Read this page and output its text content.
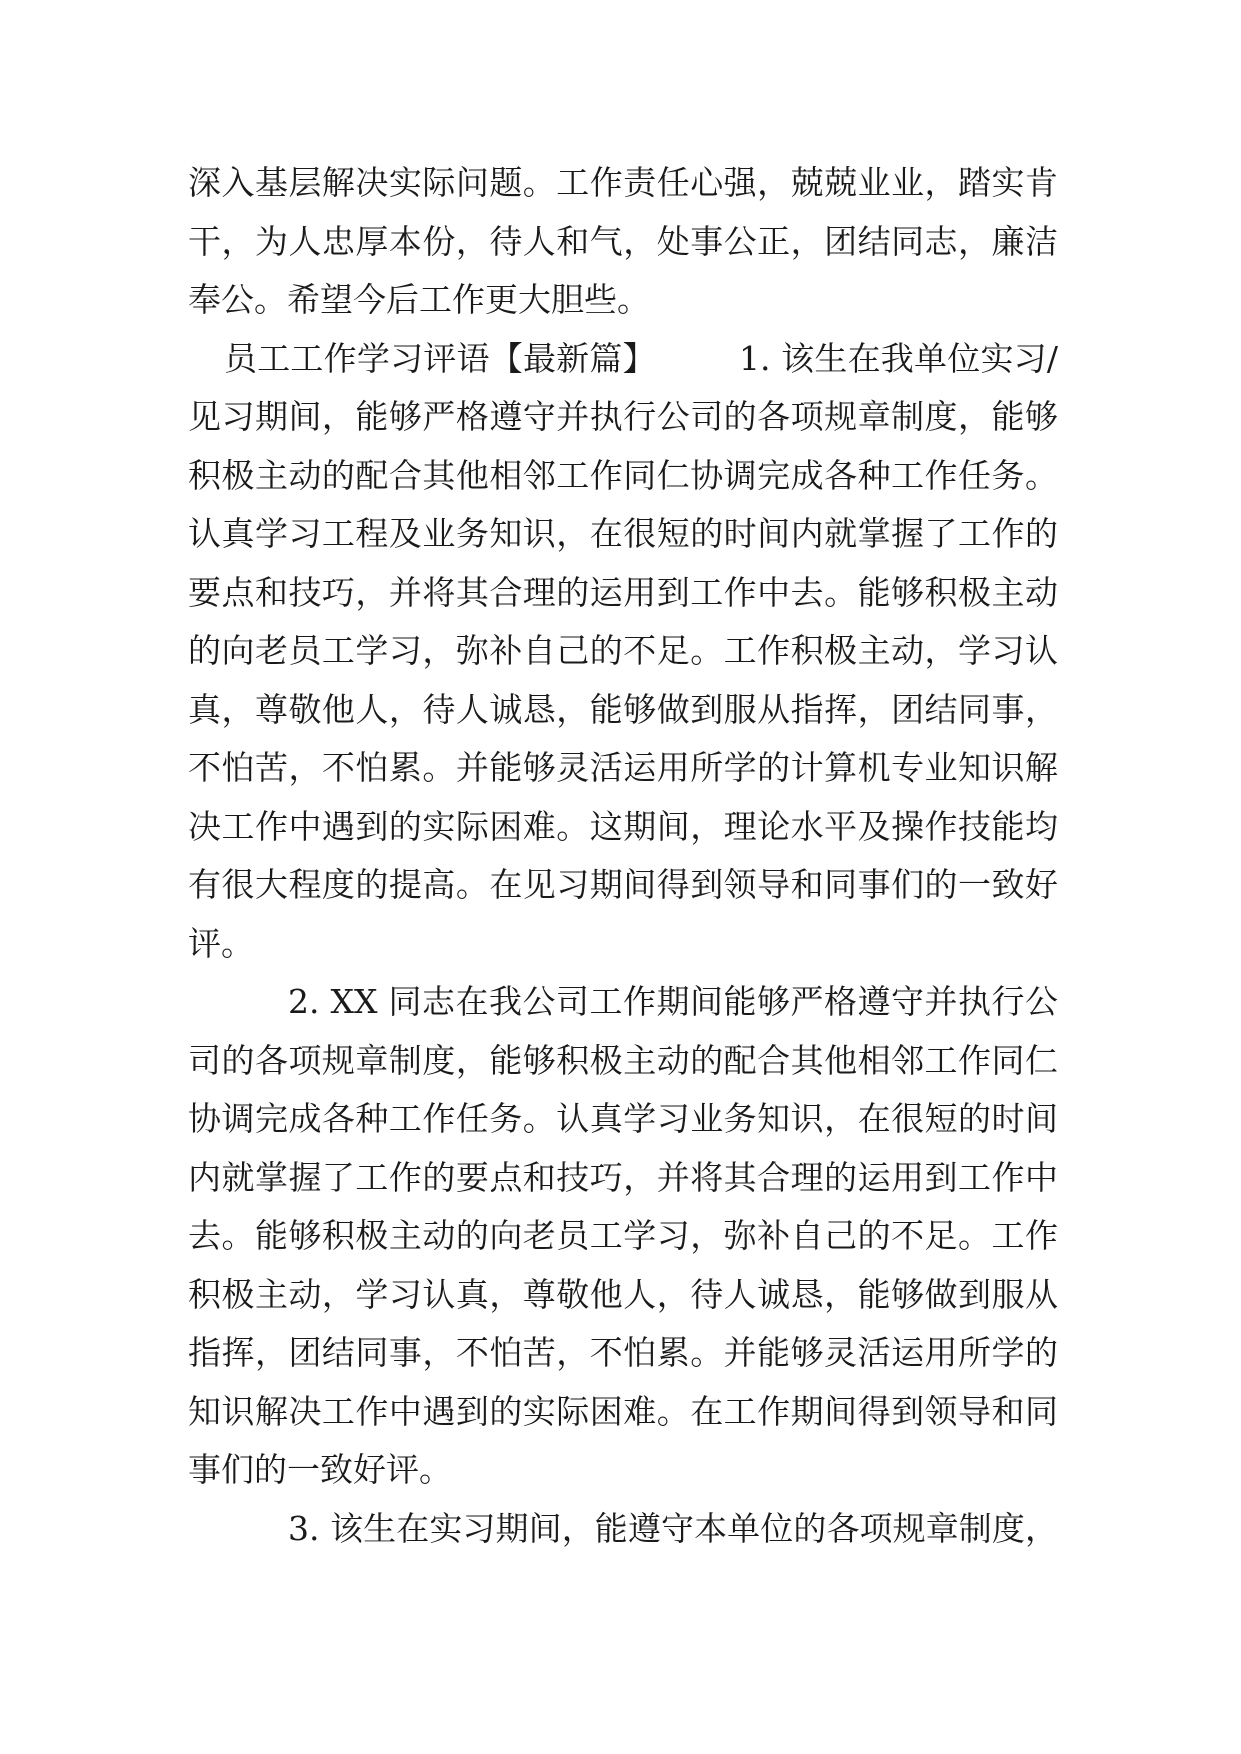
深入基层解决实际问题。工作责任心强，兢兢业业，踏实肯
干，为人忠厚本份，待人和气，处事公正，团结同志，廉洁
奉公。希望今后工作更大胆些。
员工工作学习评语【最新篇】　　　1. 该生在我单位实习/
见习期间，能够严格遵守并执行公司的各项规章制度，能够
积极主动的配合其他相邻工作同仁协调完成各种工作任务。
认真学习工程及业务知识，在很短的时间内就掌握了工作的
要点和技巧，并将其合理的运用到工作中去。能够积极主动
的向老员工学习，弥补自己的不足。工作积极主动，学习认
真，尊敬他人，待人诚恳，能够做到服从指挥，团结同事，
不怕苦，不怕累。并能够灵活运用所学的计算机专业知识解
决工作中遇到的实际困难。这期间，理论水平及操作技能均
有很大程度的提高。在见习期间得到领导和同事们的一致好
评。
2. XX 同志在我公司工作期间能够严格遵守并执行公
司的各项规章制度，能够积极主动的配合其他相邻工作同仁
协调完成各种工作任务。认真学习业务知识，在很短的时间
内就掌握了工作的要点和技巧，并将其合理的运用到工作中
去。能够积极主动的向老员工学习，弥补自己的不足。工作
积极主动，学习认真，尊敬他人，待人诚恳，能够做到服从
指挥，团结同事，不怕苦，不怕累。并能够灵活运用所学的
知识解决工作中遇到的实际困难。在工作期间得到领导和同
事们的一致好评。
3. 该生在实习期间，能遵守本单位的各项规章制度，
